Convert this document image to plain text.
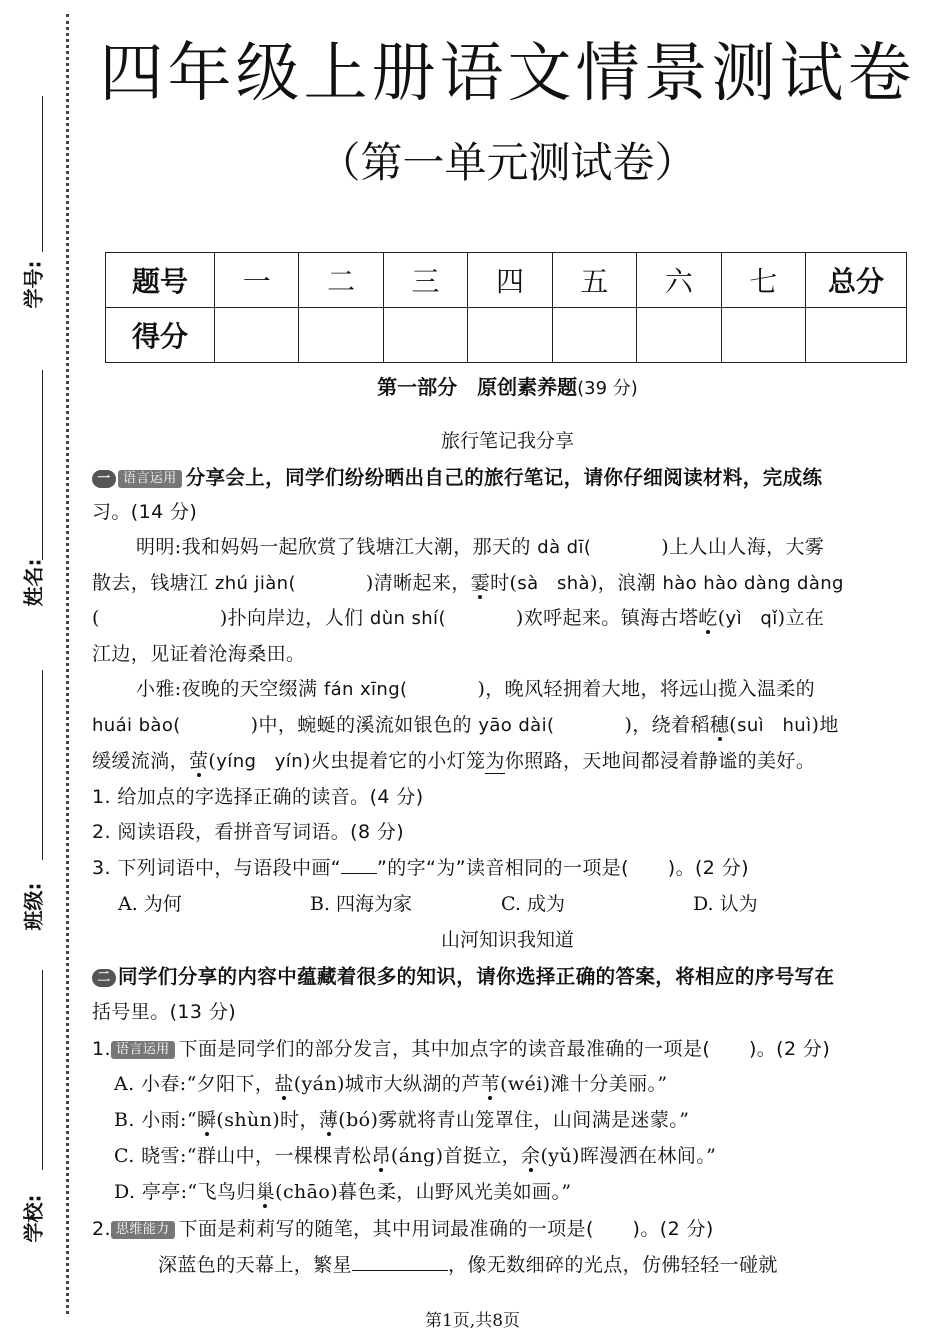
学号:
姓名:
班级:
学校:
四年级上册语文情景测试卷
（第一单元测试卷）
题号	一	二	三	四	五	六	七	总分
得分								
第一部分　原创素养题(39 分)
旅行笔记我分享
一 语言运用 分享会上，同学们纷纷晒出自己的旅行笔记，请你仔细阅读材料，完成练
习。(14 分)
明明:我和妈妈一起欣赏了钱塘江大潮，那天的 dà dī(	)上人山人海，大雾
散去，钱塘江 zhú jiàn(	)清晰起来，霎时(sà　shà)，浪潮 hào hào dàng dàng
(	)扑向岸边，人们 dùn shí(	)欢呼起来。镇海古塔屹(yì　qǐ)立在
江边，见证着沧海桑田。
小雅:夜晚的天空缀满 fán xīng(	)，晚风轻拥着大地，将远山揽入温柔的
huái bào(	)中，蜿蜒的溪流如银色的 yāo dài(	)，绕着稻穗(suì　huì)地
缓缓流淌，萤(yíng　yín)火虫提着它的小灯笼为你照路，天地间都浸着静谧的美好。
1. 给加点的字选择正确的读音。(4 分)
2. 阅读语段，看拼音写词语。(8 分)
3. 下列词语中，与语段中画“ ”的字“为”读音相同的一项是(　　)。(2 分)
A. 为何	B. 四海为家	C. 成为	D. 认为
山河知识我知道
二 同学们分享的内容中蕴藏着很多的知识，请你选择正确的答案，将相应的序号写在
括号里。(13 分)
1. 语言运用 下面是同学们的部分发言，其中加点字的读音最准确的一项是(　　)。(2 分)
A. 小春:“夕阳下，盐(yán)城市大纵湖的芦苇(wéi)滩十分美丽。”
B. 小雨:“瞬(shùn)时，薄(bó)雾就将青山笼罩住，山间满是迷蒙。”
C. 晓雪:“群山中，一棵棵青松昂(áng)首挺立，余(yǔ)晖漫洒在林间。”
D. 亭亭:“飞鸟归巢(chāo)暮色柔，山野风光美如画。”
2. 思维能力 下面是莉莉写的随笔，其中用词最准确的一项是(　　)。(2 分)
深蓝色的天幕上，繁星	，像无数细碎的光点，仿佛轻轻一碰就
第1页,共8页
